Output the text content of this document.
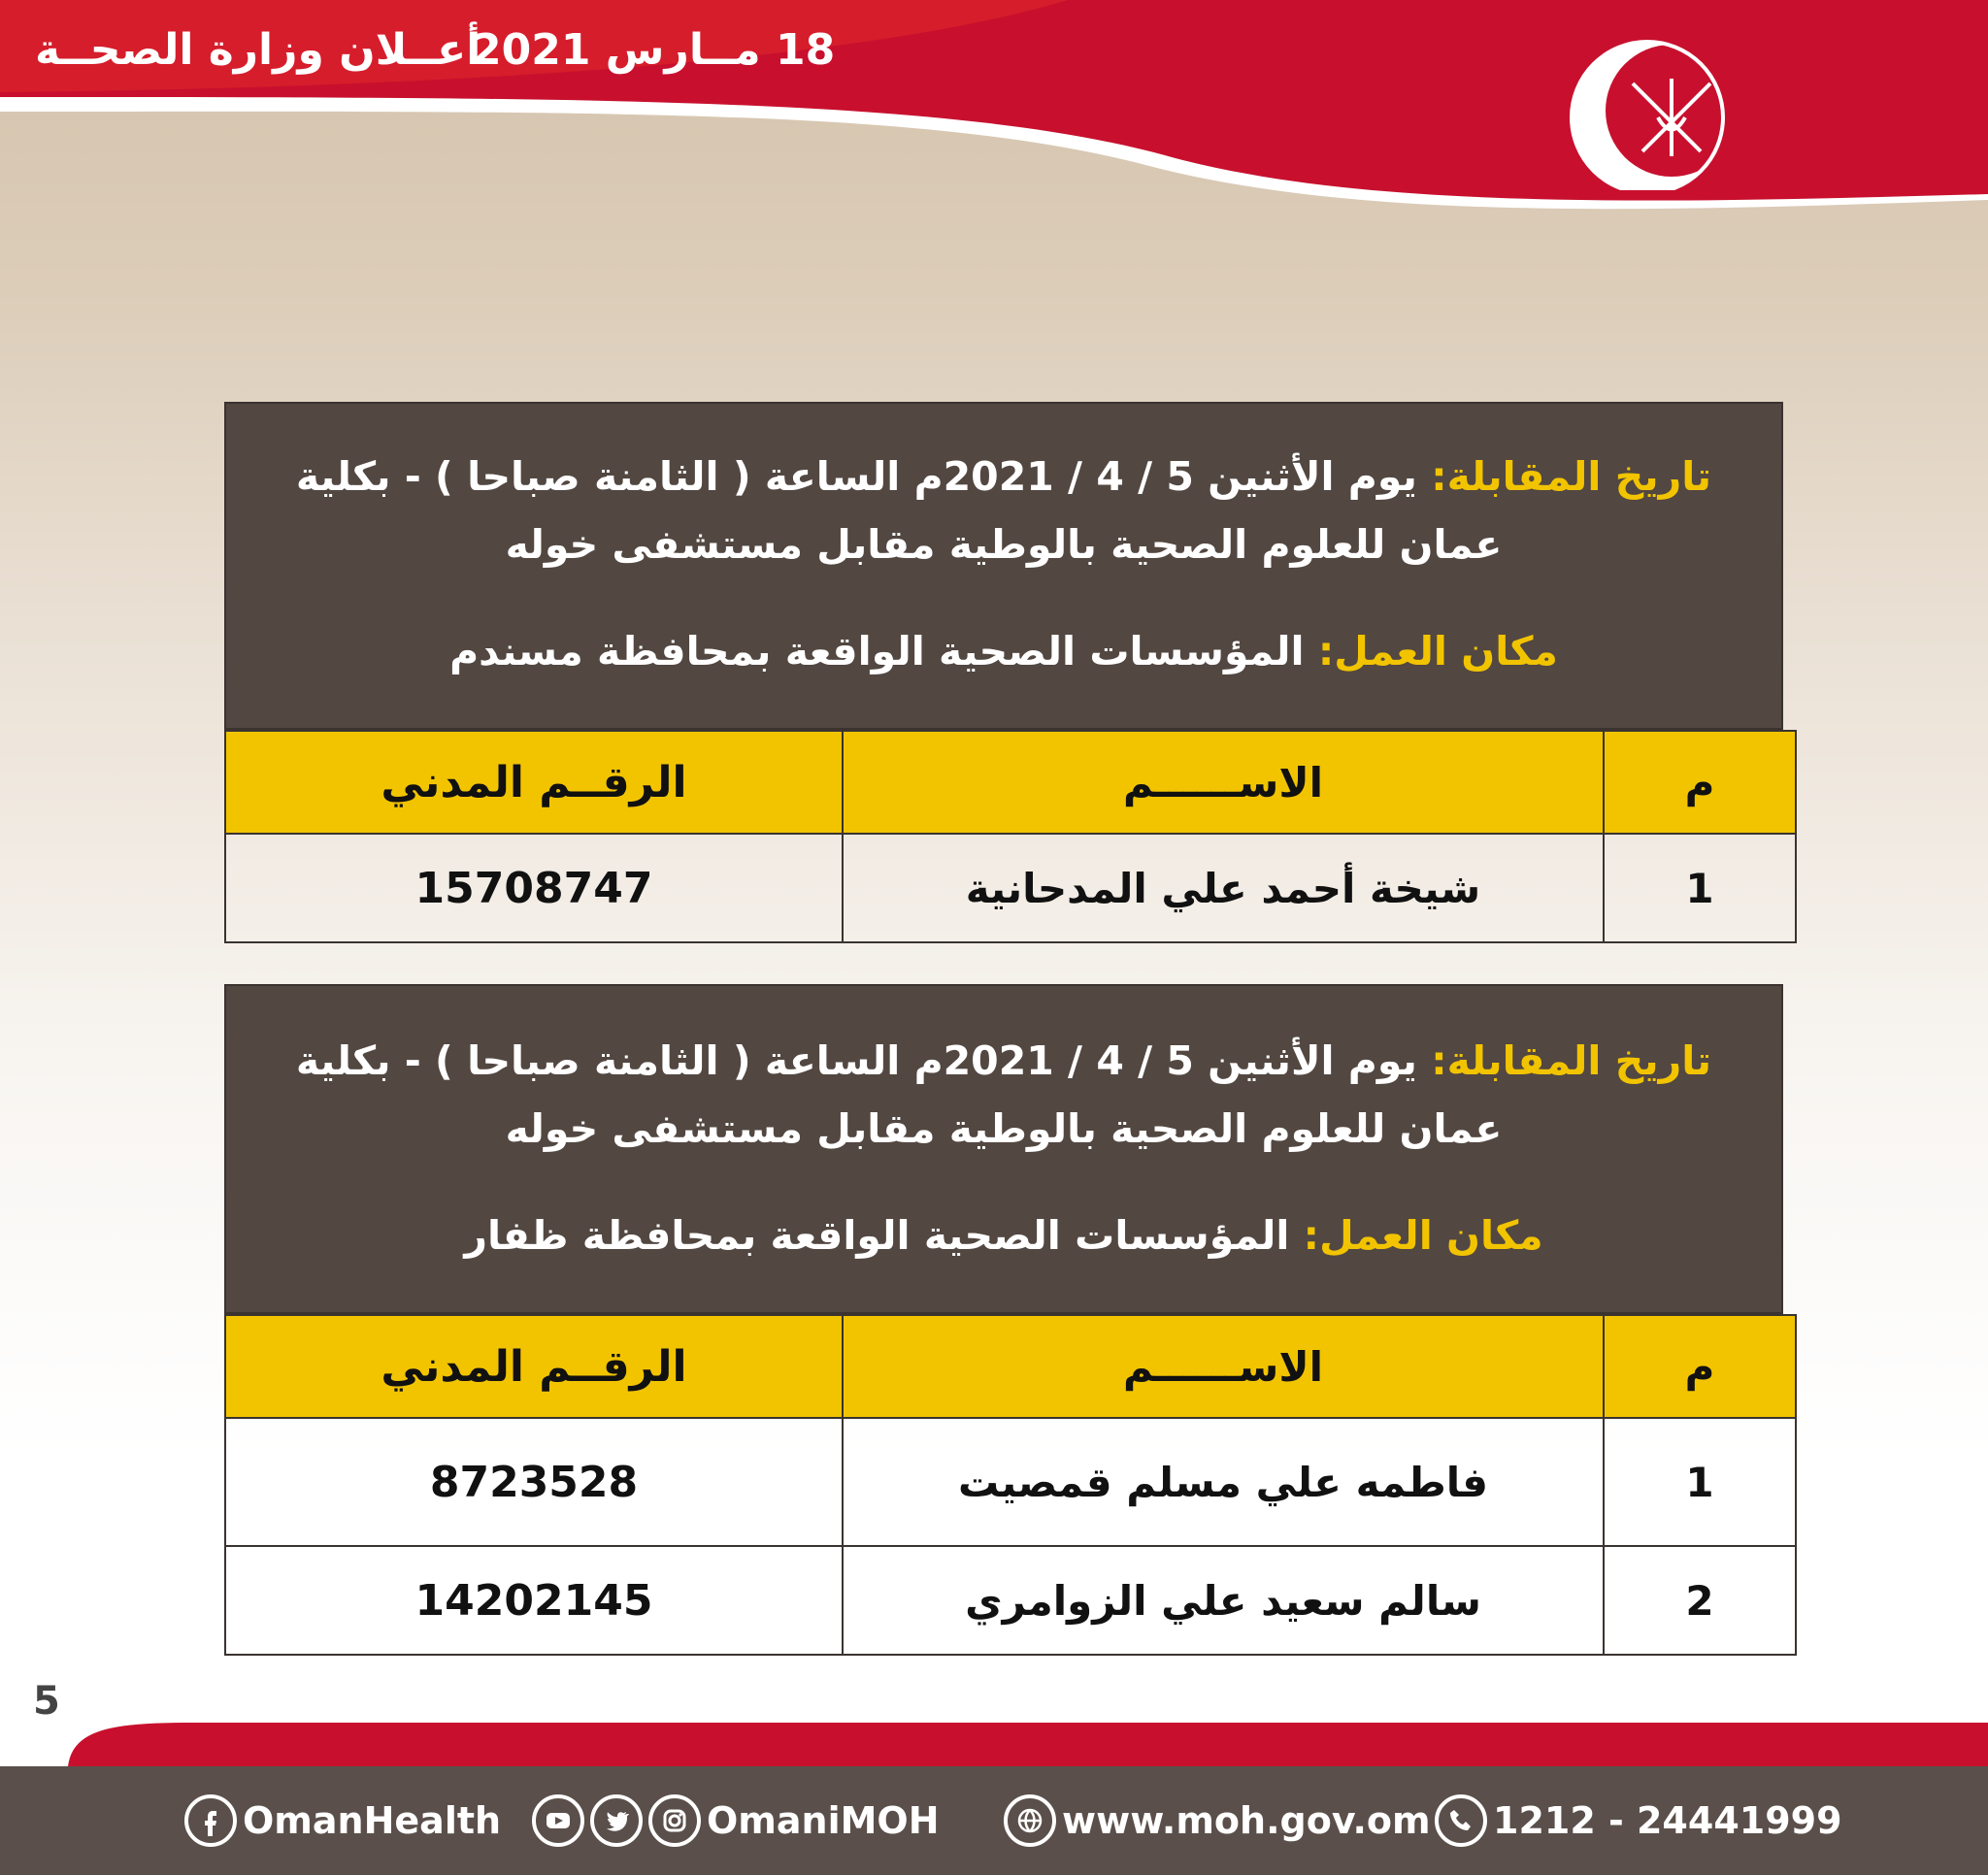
أعــلان وزارة الصحــة
18 مــارس 2021
سلطنة عمان
وزارة الصحة
تاريخ المقابلة: يوم الأثنين 5 / 4 / 2021م الساعة ( الثامنة صباحا ) - بكلية عمان للعلوم الصحية بالوطية مقابل مستشفى خوله
مكان العمل: المؤسسات الصحية الواقعة بمحافظة مسندم
م	الاســــــم	الرقــم المدني
1	شيخة أحمد علي المدحانية	15708747
تاريخ المقابلة: يوم الأثنين 5 / 4 / 2021م الساعة ( الثامنة صباحا ) - بكلية عمان للعلوم الصحية بالوطية مقابل مستشفى خوله
مكان العمل: المؤسسات الصحية الواقعة بمحافظة ظفار
م	الاســــــم	الرقــم المدني
1	فاطمه علي مسلم قمصيت	8723528
2	سالم سعيد علي الزوامري	14202145
5
OmanHealth	OmaniMOH	www.moh.gov.om 1212 - 24441999
